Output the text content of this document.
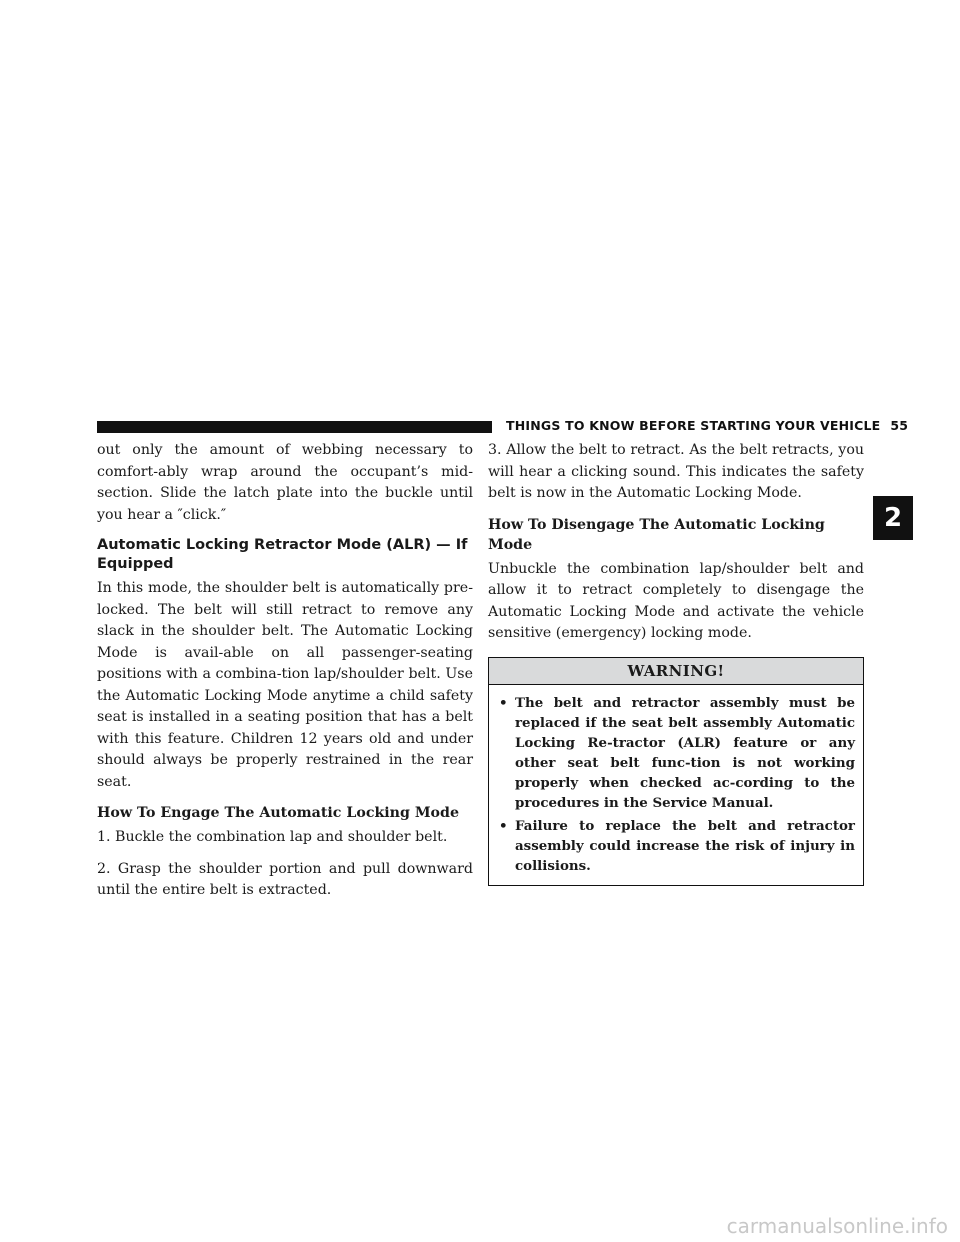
THINGS TO KNOW BEFORE STARTING YOUR VEHICLE 55
2

out only the amount of webbing necessary to comfort-ably wrap around the occupant’s mid-section. Slide the latch plate into the buckle until you hear a ″click.″

Automatic Locking Retractor Mode (ALR) — If Equipped

In this mode, the shoulder belt is automatically pre-locked. The belt will still retract to remove any slack in the shoulder belt. The Automatic Locking Mode is avail-able on all passenger-seating positions with a combina-tion lap/shoulder belt. Use the Automatic Locking Mode anytime a child safety seat is installed in a seating position that has a belt with this feature. Children 12 years old and under should always be properly restrained in the rear seat.

How To Engage The Automatic Locking Mode

1. Buckle the combination lap and shoulder belt.

2. Grasp the shoulder portion and pull downward until the entire belt is extracted.

3. Allow the belt to retract. As the belt retracts, you will hear a clicking sound. This indicates the safety belt is now in the Automatic Locking Mode.

How To Disengage The Automatic Locking Mode

Unbuckle the combination lap/shoulder belt and allow it to retract completely to disengage the Automatic Locking Mode and activate the vehicle sensitive (emergency) locking mode.

WARNING!
• The belt and retractor assembly must be replaced if the seat belt assembly Automatic Locking Re-tractor (ALR) feature or any other seat belt func-tion is not working properly when checked ac-cording to the procedures in the Service Manual.
• Failure to replace the belt and retractor assembly could increase the risk of injury in collisions.
carmanualsonline.info
